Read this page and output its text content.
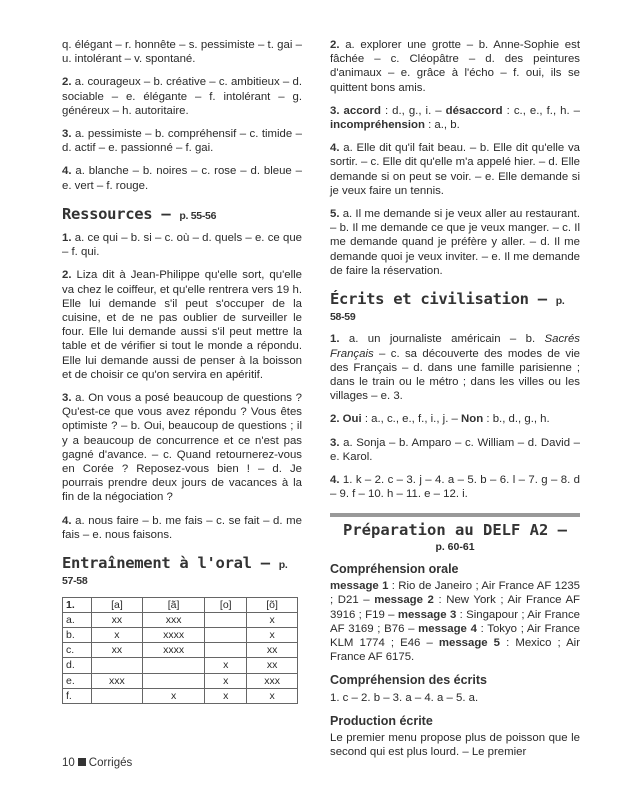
q. élégant – r. honnête – s. pessimiste – t. gai – u. intolérant – v. spontané.

2. a. courageux – b. créative – c. ambitieux – d. sociable – e. élégante – f. intolérant – g. généreux – h. autoritaire.

3. a. pessimiste – b. compréhensif – c. timide – d. actif – e. passionné – f. gai.

4. a. blanche – b. noires – c. rose – d. bleue – e. vert – f. rouge.

Ressources – p. 55-56

1. a. ce qui – b. si – c. où – d. quels – e. ce que – f. qui.

2. Liza dit à Jean-Philippe qu'elle sort, qu'elle va chez le coiffeur, et qu'elle rentrera vers 19 h. Elle lui demande s'il peut s'occuper de la cuisine, et de ne pas oublier de surveiller le four. Elle lui demande aussi s'il peut mettre la table et de vérifier si tout le monde a répondu. Elle lui demande aussi de penser à la boisson et de choisir ce qu'on servira en apéritif.

3. a. On vous a posé beaucoup de questions ? Qu'est-ce que vous avez répondu ? Vous êtes optimiste ? – b. Oui, beaucoup de questions ; il y a beaucoup de concurrence et ce n'est pas gagné d'avance. – c. Quand retournerez-vous en Corée ? Reposez-vous bien ! – d. Je pourrais prendre deux jours de vacances à la fin de la négociation ?

4. a. nous faire – b. me fais – c. se fait – d. me fais – e. nous faisons.

Entraînement à l'oral – p. 57-58
1.	[a]	[ã]	[o]	[õ]
a.	xx	xxx		x
b.	x	xxxx		x
c.	xx	xxxx		xx
d.			x	xx
e.	xxx		x	xxx
f.		x	x	x

2. a. explorer une grotte – b. Anne-Sophie est fâchée – c. Cléopâtre – d. des peintures d'animaux – e. grâce à l'écho – f. oui, ils se quittent bons amis.

3. accord : d., g., i. – désaccord : c., e., f., h. – incompréhension : a., b.

4. a. Elle dit qu'il fait beau. – b. Elle dit qu'elle va sortir. – c. Elle dit qu'elle m'a appelé hier. – d. Elle demande si on peut se voir. – e. Elle demande si je veux faire un tennis.

5. a. Il me demande si je veux aller au restaurant. – b. Il me demande ce que je veux manger. – c. Il me demande quand je préfère y aller. – d. Il me demande quoi je veux inviter. – e. Il me demande de faire la réservation.

Écrits et civilisation – p. 58-59

1. a. un journaliste américain – b. Sacrés Français – c. sa découverte des modes de vie des Français – d. dans une famille parisienne ; dans le train ou le métro ; dans les villes ou les villages – e. 3.

2. Oui : a., c., e., f., i., j. – Non : b., d., g., h.

3. a. Sonja – b. Amparo – c. William – d. David – e. Karol.

4. 1. k – 2. c – 3. j – 4. a – 5. b – 6. l – 7. g – 8. d – 9. f – 10. h – 11. e – 12. i.

Préparation au DELF A2 –
p. 60-61
Compréhension orale

message 1 : Rio de Janeiro ; Air France AF 1235 ; D21 – message 2 : New York ; Air France AF 3916 ; F19 – message 3 : Singapour ; Air France AF 3169 ; B76 – message 4 : Tokyo ; Air France KLM 1774 ; E46 – message 5 : Mexico ; Air France AF 6175.

Compréhension des écrits

1. c – 2. b – 3. a – 4. a – 5. a.

Production écrite

Le premier menu propose plus de poisson que le second qui est plus lourd. – Le premier

10 Corrigés
